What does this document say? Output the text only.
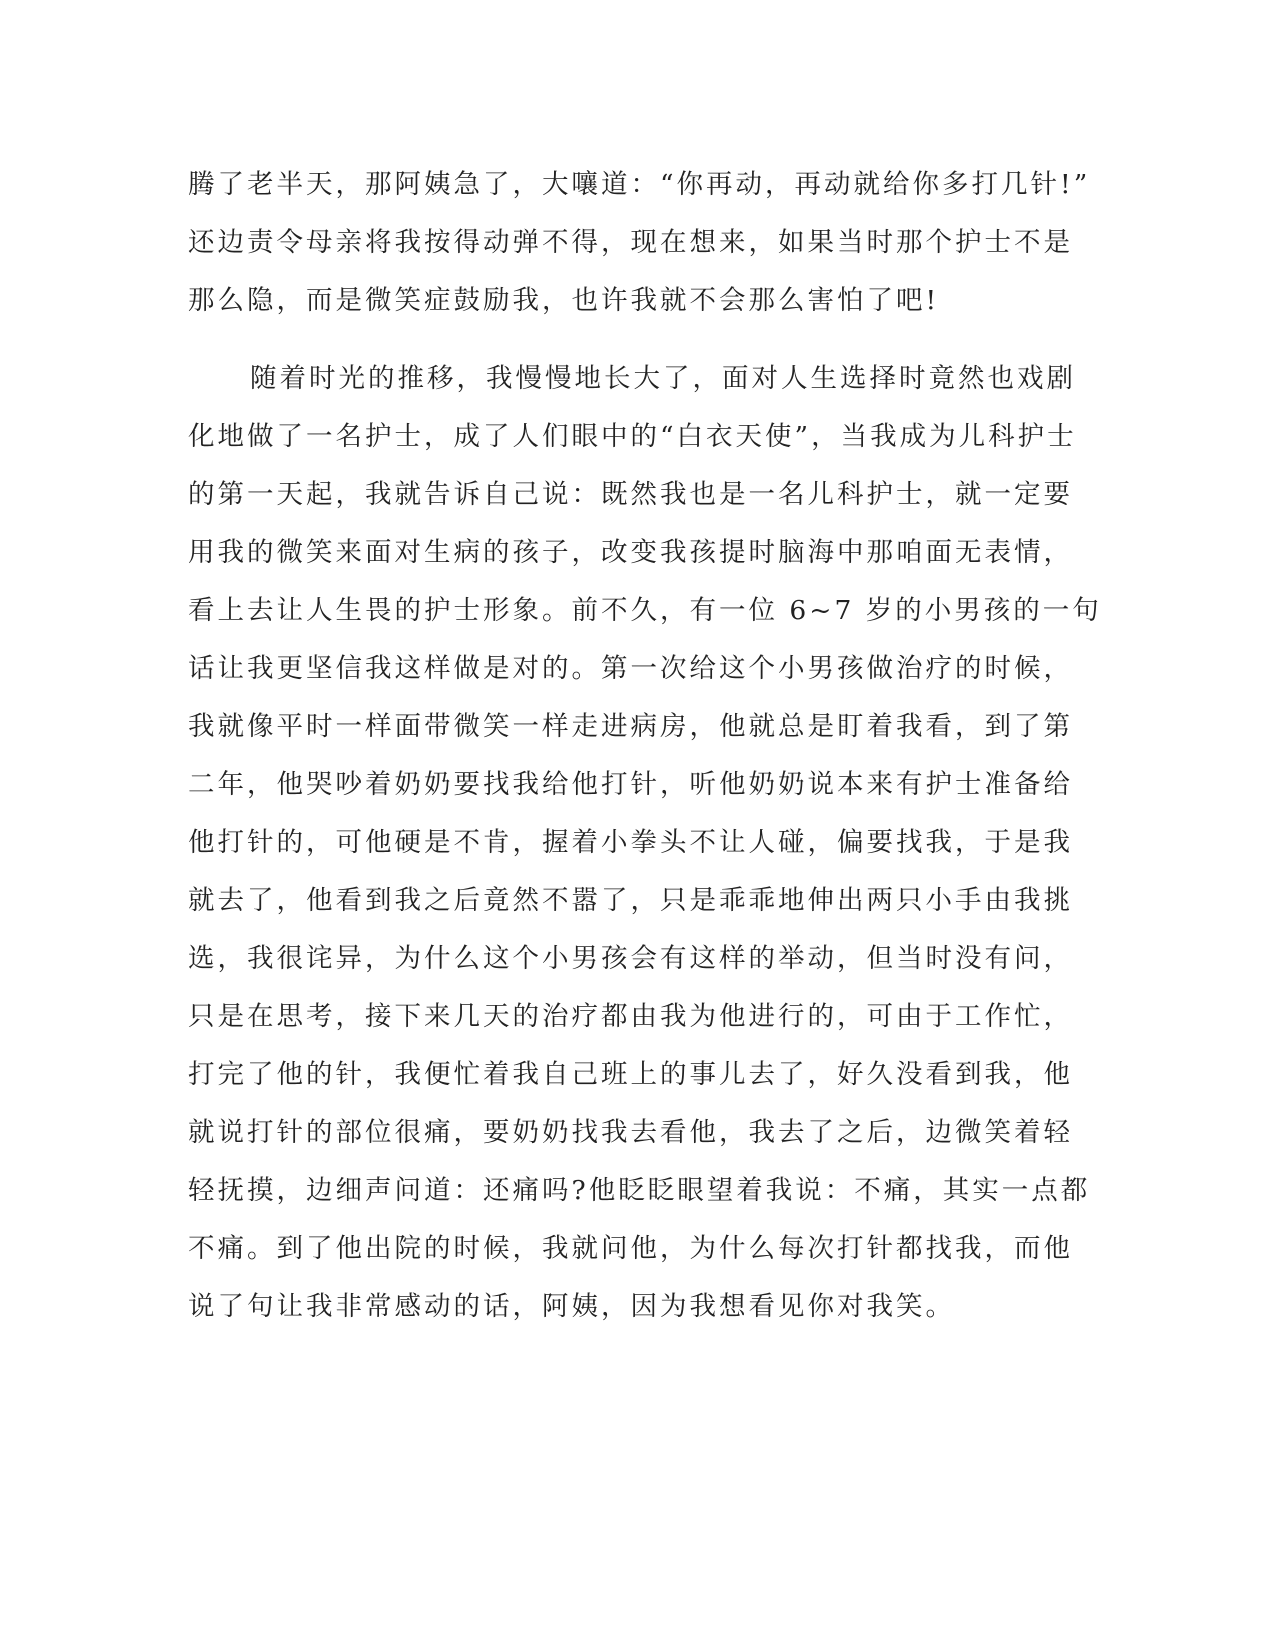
腾了老半天，那阿姨急了，大嚷道：“你再动，再动就给你多打几针!”
还边责令母亲将我按得动弹不得，现在想来，如果当时那个护士不是
那么隐，而是微笑症鼓励我，也许我就不会那么害怕了吧!
随着时光的推移，我慢慢地长大了，面对人生选择时竟然也戏剧
化地做了一名护士，成了人们眼中的“白衣天使”，当我成为儿科护士
的第一天起，我就告诉自己说：既然我也是一名儿科护士，就一定要
用我的微笑来面对生病的孩子，改变我孩提时脑海中那咱面无表情，
看上去让人生畏的护士形象。前不久，有一位 6~7 岁的小男孩的一句
话让我更坚信我这样做是对的。第一次给这个小男孩做治疗的时候，
我就像平时一样面带微笑一样走进病房，他就总是盯着我看，到了第
二年，他哭吵着奶奶要找我给他打针，听他奶奶说本来有护士准备给
他打针的，可他硬是不肯，握着小拳头不让人碰，偏要找我，于是我
就去了，他看到我之后竟然不嚣了，只是乖乖地伸出两只小手由我挑
选，我很诧异，为什么这个小男孩会有这样的举动，但当时没有问，
只是在思考，接下来几天的治疗都由我为他进行的，可由于工作忙，
打完了他的针，我便忙着我自己班上的事儿去了，好久没看到我，他
就说打针的部位很痛，要奶奶找我去看他，我去了之后，边微笑着轻
轻抚摸，边细声问道：还痛吗?他眨眨眼望着我说：不痛，其实一点都
不痛。到了他出院的时候，我就问他，为什么每次打针都找我，而他
说了句让我非常感动的话，阿姨，因为我想看见你对我笑。
